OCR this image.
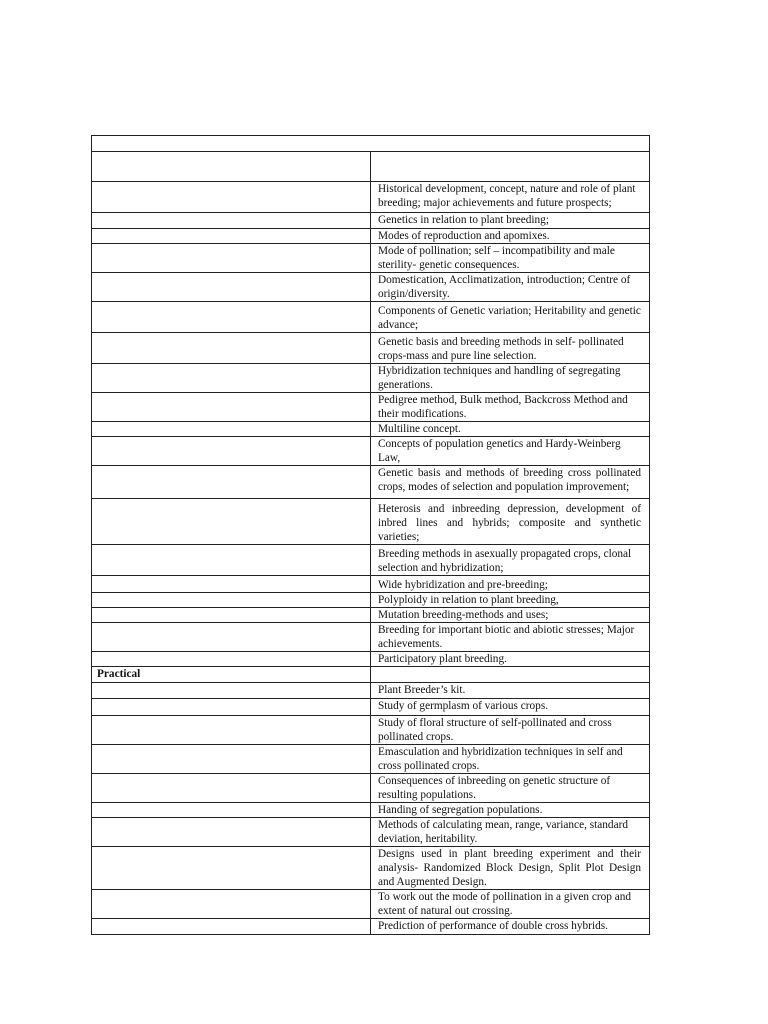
	Historical development, concept, nature and role of plant breeding; major achievements and future prospects;
	Genetics in relation to plant breeding;
	Modes of reproduction and apomixes.
	Mode of pollination; self – incompatibility and male sterility- genetic consequences.
	Domestication, Acclimatization, introduction; Centre of origin/diversity.
	Components of Genetic variation; Heritability and genetic advance;
	Genetic basis and breeding methods in self- pollinated crops-mass and pure line selection.
	Hybridization techniques and handling of segregating generations.
	Pedigree method, Bulk method, Backcross Method and their modifications.
	Multiline concept.
	Concepts of population genetics and Hardy-Weinberg Law,
	Genetic basis and methods of breeding cross pollinated crops, modes of selection and population improvement;
	Heterosis and inbreeding depression, development of inbred lines and hybrids; composite and synthetic varieties;
	Breeding methods in asexually propagated crops, clonal selection and hybridization;
	Wide hybridization and pre-breeding;
	Polyploidy in relation to plant breeding,
	Mutation breeding-methods and uses;
	Breeding for important biotic and abiotic stresses; Major achievements.
	Participatory plant breeding.
Practical	
	Plant Breeder’s kit.
	Study of germplasm of various crops.
	Study of floral structure of self-pollinated and cross pollinated crops.
	Emasculation and hybridization techniques in self and cross pollinated crops.
	Consequences of inbreeding on genetic structure of resulting populations.
	Handing of segregation populations.
	Methods of calculating mean, range, variance, standard deviation, heritability.
	Designs used in plant breeding experiment and their analysis- Randomized Block Design, Split Plot Design and Augmented Design.
	To work out the mode of pollination in a given crop and extent of natural out crossing.
	Prediction of performance of double cross hybrids.
